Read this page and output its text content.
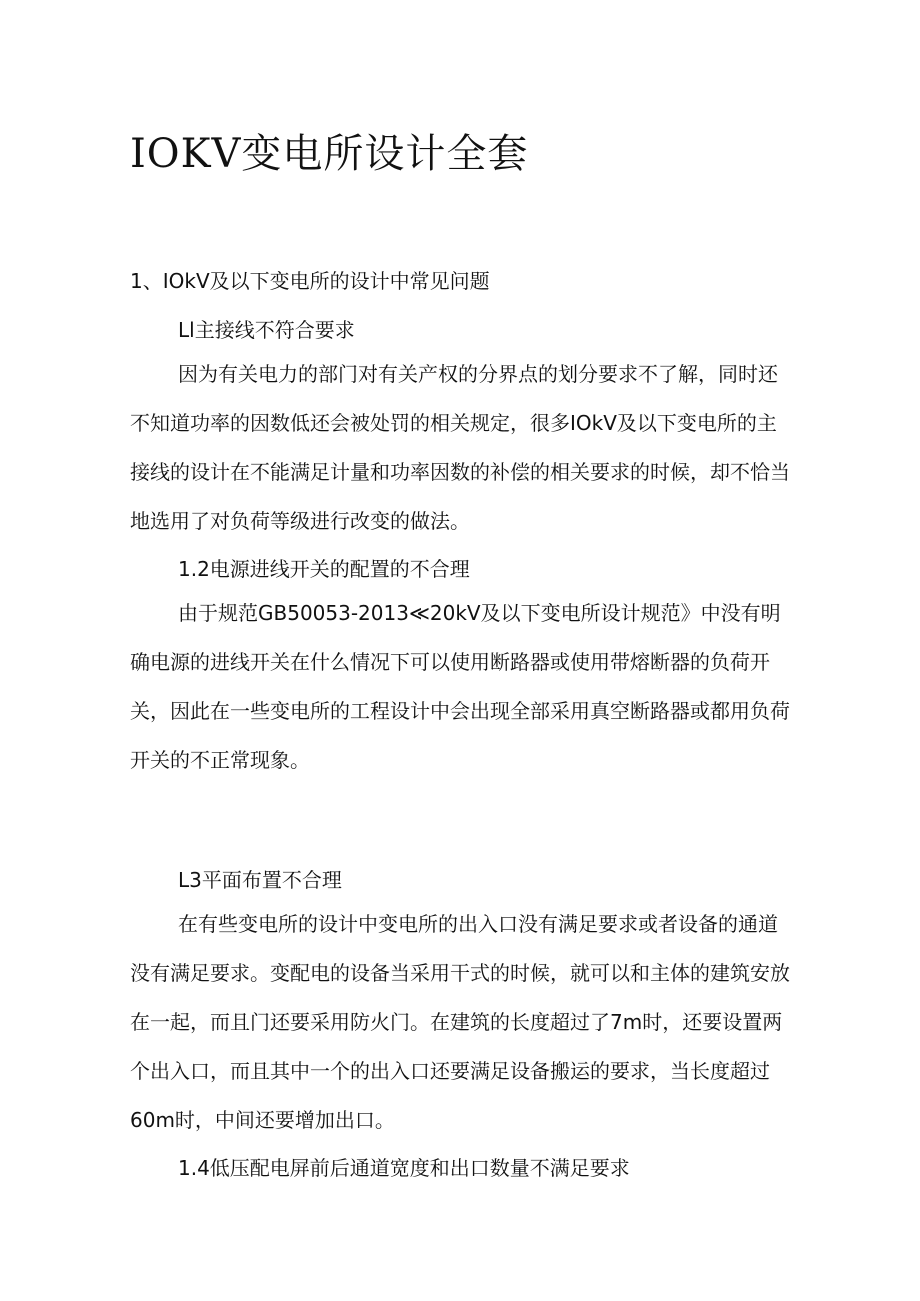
IOKV变电所设计全套

1、IOkV及以下变电所的设计中常见问题

Ll主接线不符合要求

因为有关电力的部门对有关产权的分界点的划分要求不了解，同时还
不知道功率的因数低还会被处罚的相关规定，很多IOkV及以下变电所的主
接线的设计在不能满足计量和功率因数的补偿的相关要求的时候，却不恰当
地选用了对负荷等级进行改变的做法。

1.2电源进线开关的配置的不合理

由于规范GB50053-2013≪20kV及以下变电所设计规范》中没有明
确电源的进线开关在什么情况下可以使用断路器或使用带熔断器的负荷开
关，因此在一些变电所的工程设计中会出现全部采用真空断路器或都用负荷
开关的不正常现象。

L3平面布置不合理

在有些变电所的设计中变电所的出入口没有满足要求或者设备的通道
没有满足要求。变配电的设备当采用干式的时候，就可以和主体的建筑安放
在一起，而且门还要采用防火门。在建筑的长度超过了7m时，还要设置两
个出入口，而且其中一个的出入口还要满足设备搬运的要求，当长度超过
60m时，中间还要增加出口。

1.4低压配电屏前后通道宽度和出口数量不满足要求
